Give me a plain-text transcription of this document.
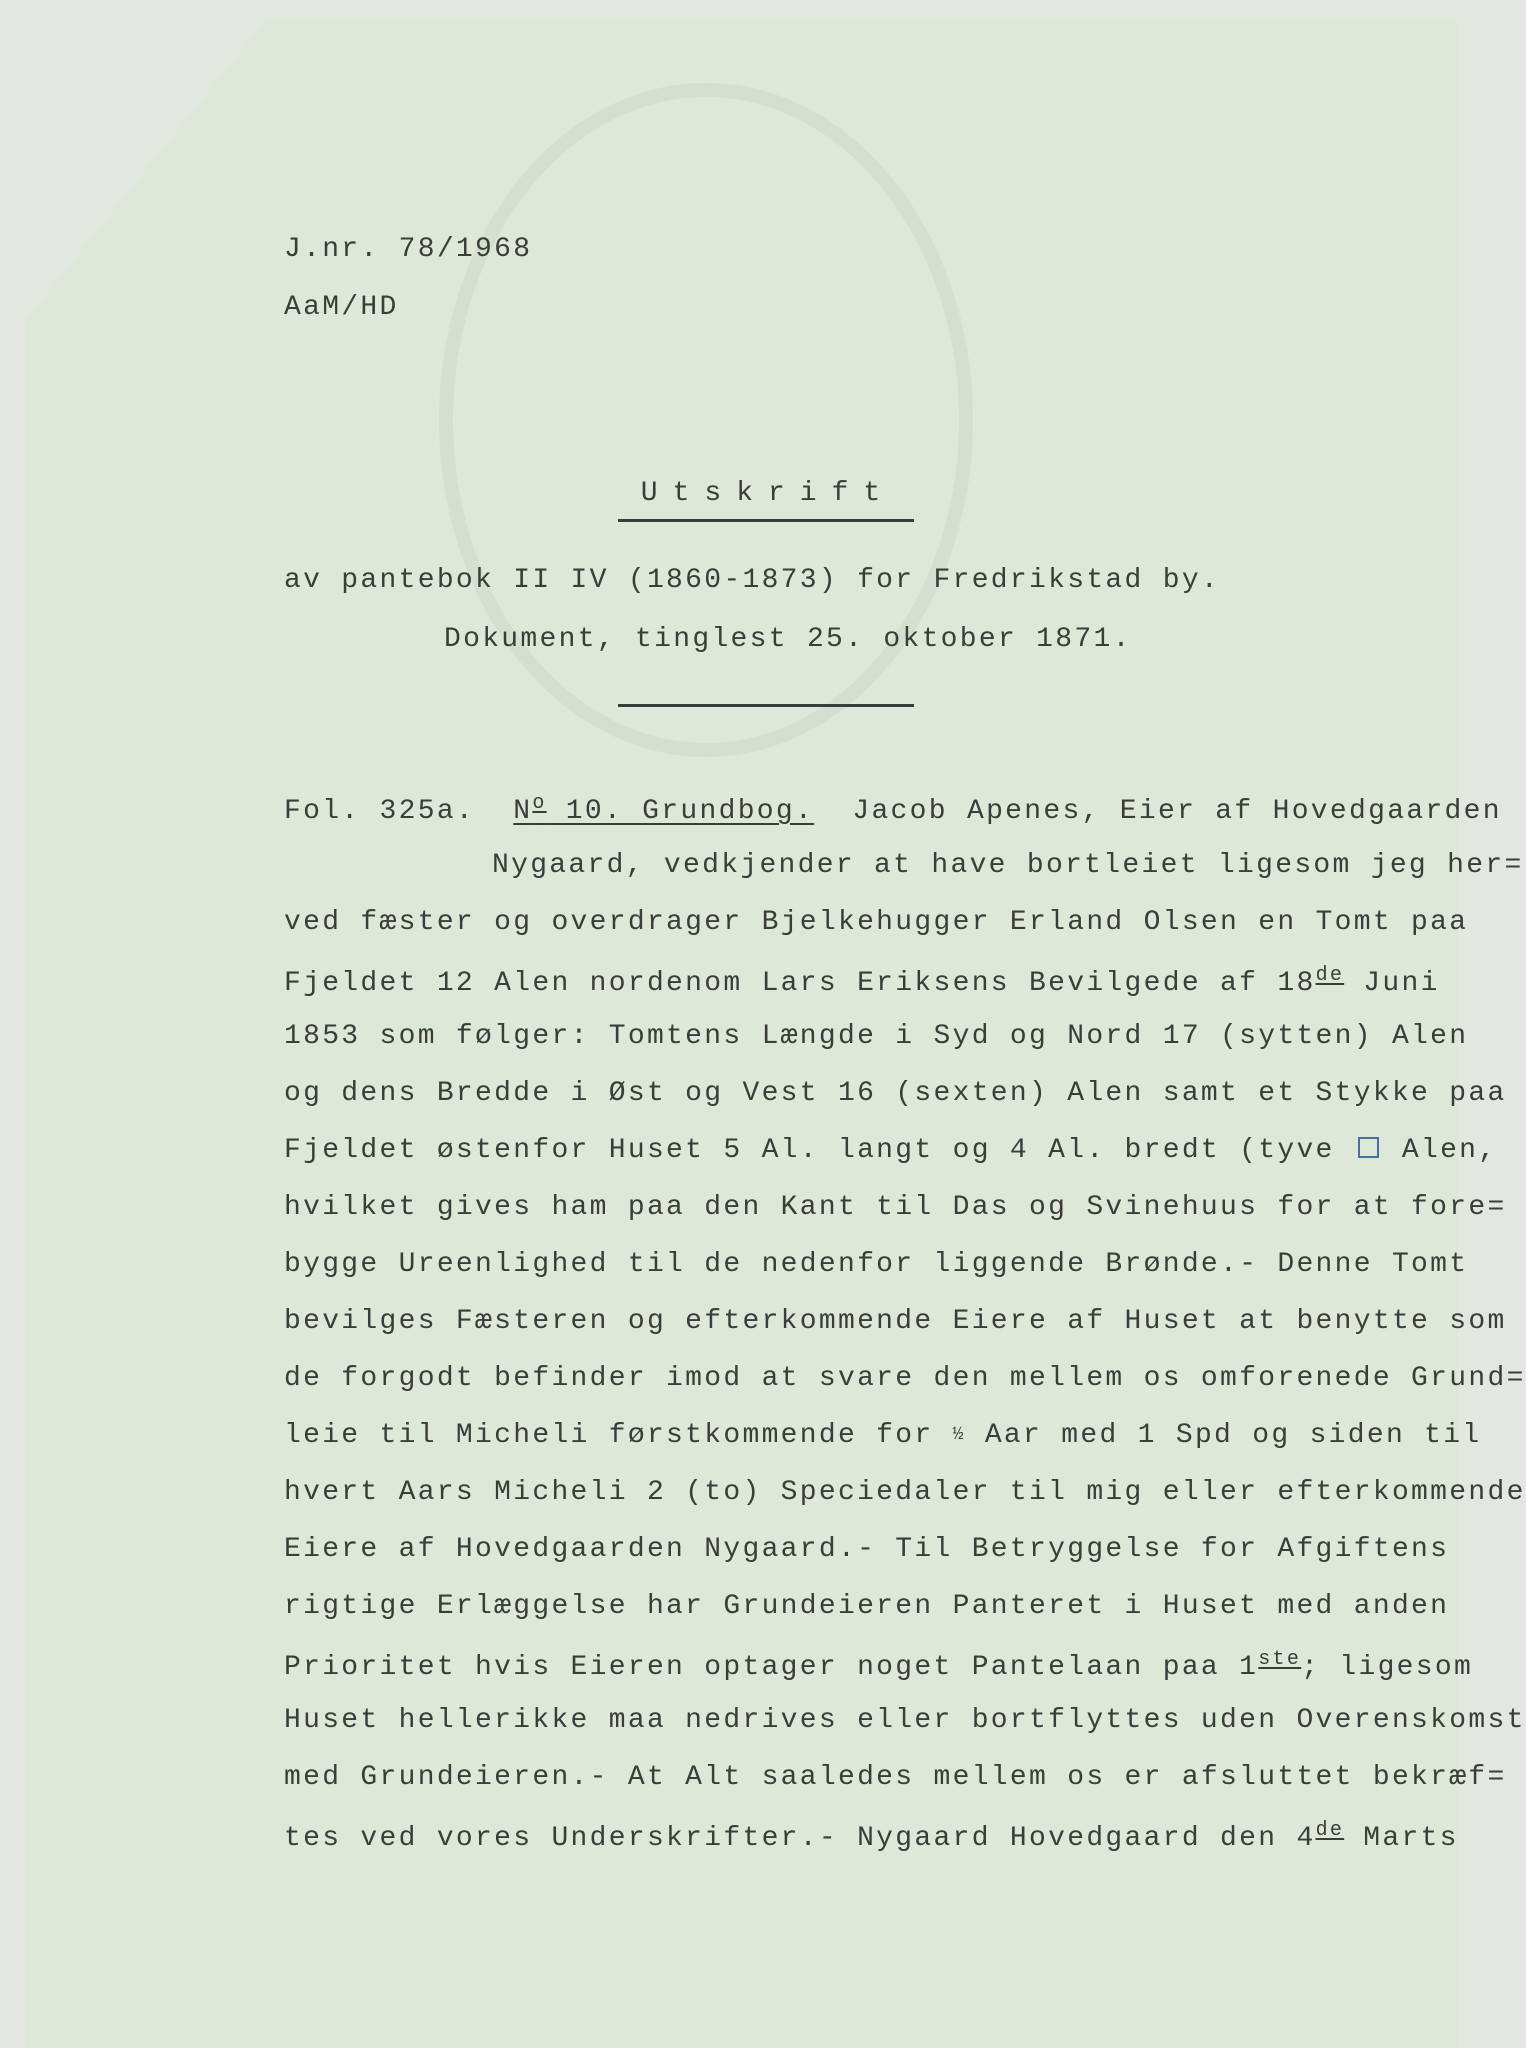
J.nr. 78/1968
AaM/HD
Utskrift
av pantebok II IV (1860-1873) for Fredrikstad by.
Dokument, tinglest 25. oktober 1871.
Fol. 325a. $N^o$ 10. Grundbog. Jacob Apenes, Eier af Hovedgaarden
Nygaard, vedkjender at have bortleiet ligesom jeg her=
ved fæster og overdrager Bjelkehugger Erland Olsen en Tomt paa
Fjeldet 12 Alen nordenom Lars Eriksens Bevilgede af 18de Juni
1853 som følger: Tomtens Længde i Syd og Nord 17 (sytten) Alen
og dens Bredde i Øst og Vest 16 (sexten) Alen samt et Stykke paa
Fjeldet østenfor Huset 5 Al. langt og 4 Al. bredt (tyve Alen,
hvilket gives ham paa den Kant til Das og Svinehuus for at fore=
bygge Ureenlighed til de nedenfor liggende Brønde.- Denne Tomt
bevilges Fæsteren og efterkommende Eiere af Huset at benytte som
de forgodt befinder imod at svare den mellem os omforenede Grund=
leie til Micheli førstkommende for ½ Aar med 1 Spd og siden til
hvert Aars Micheli 2 (to) Speciedaler til mig eller efterkommende
Eiere af Hovedgaarden Nygaard.- Til Betryggelse for Afgiftens
rigtige Erlæggelse har Grundeieren Panteret i Huset med anden
Prioritet hvis Eieren optager noget Pantelaan paa 1ste; ligesom
Huset hellerikke maa nedrives eller bortflyttes uden Overenskomst
med Grundeieren.- At Alt saaledes mellem os er afsluttet bekræf=
tes ved vores Underskrifter.- Nygaard Hovedgaard den 4de Marts
